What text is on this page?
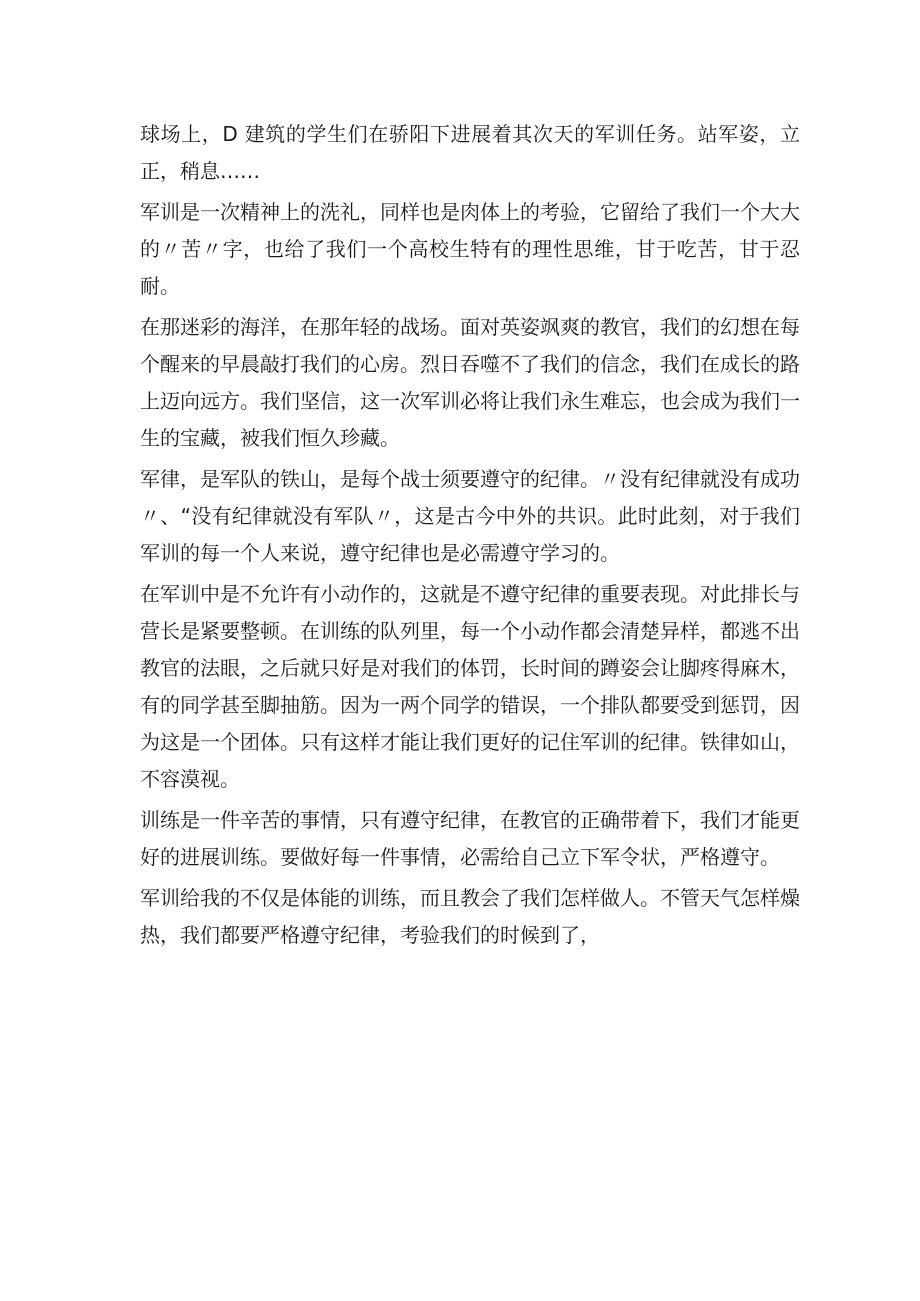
球场上，D 建筑的学生们在骄阳下进展着其次天的军训任务。站军姿，立正，稍息……

军训是一次精神上的洗礼，同样也是肉体上的考验，它留给了我们一个大大的〃苦〃字，也给了我们一个高校生特有的理性思维，甘于吃苦，甘于忍耐。

在那迷彩的海洋，在那年轻的战场。面对英姿飒爽的教官，我们的幻想在每个醒来的早晨敲打我们的心房。烈日吞噬不了我们的信念，我们在成长的路上迈向远方。我们坚信，这一次军训必将让我们永生难忘，也会成为我们一生的宝藏，被我们恒久珍藏。

军律，是军队的铁山，是每个战士须要遵守的纪律。〃没有纪律就没有成功〃、“没有纪律就没有军队〃，这是古今中外的共识。此时此刻，对于我们军训的每一个人来说，遵守纪律也是必需遵守学习的。

在军训中是不允许有小动作的，这就是不遵守纪律的重要表现。对此排长与营长是紧要整顿。在训练的队列里，每一个小动作都会清楚异样，都逃不出教官的法眼，之后就只好是对我们的体罚，长时间的蹲姿会让脚疼得麻木，有的同学甚至脚抽筋。因为一两个同学的错误，一个排队都要受到惩罚，因为这是一个团体。只有这样才能让我们更好的记住军训的纪律。铁律如山，不容漠视。

训练是一件辛苦的事情，只有遵守纪律，在教官的正确带着下，我们才能更好的进展训练。要做好每一件事情，必需给自己立下军令状，严格遵守。

军训给我的不仅是体能的训练，而且教会了我们怎样做人。不管天气怎样燥热，我们都要严格遵守纪律，考验我们的时候到了，
